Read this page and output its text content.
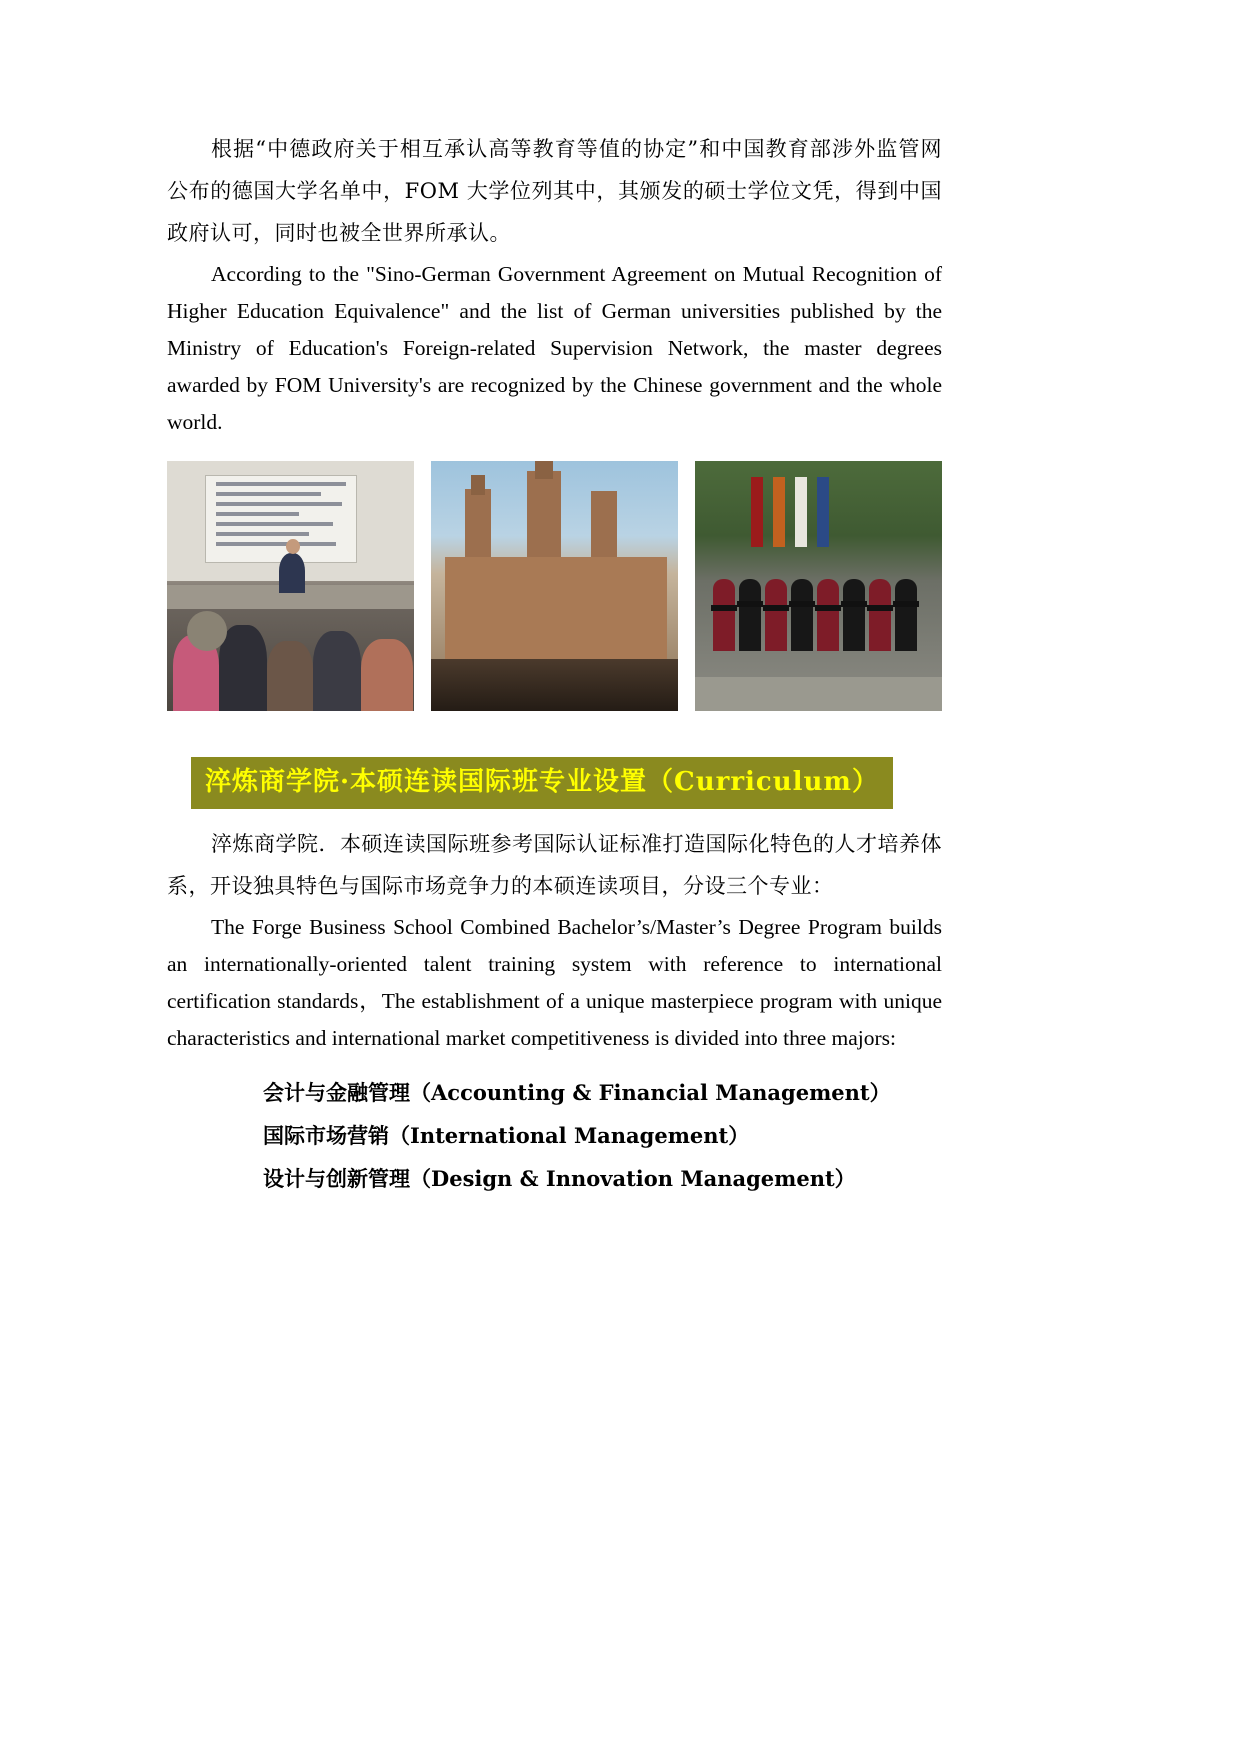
根据“中德政府关于相互承认高等教育等值的协定”和中国教育部涉外监管网公布的德国大学名单中，FOM 大学位列其中，其颁发的硕士学位文凭，得到中国政府认可，同时也被全世界所承认。

According to the "Sino-German Government Agreement on Mutual Recognition of Higher Education Equivalence" and the list of German universities published by the Ministry of Education's Foreign-related Supervision Network, the master degrees awarded by FOM University's are recognized by the Chinese government and the whole world.

淬炼商学院·本硕连读国际班专业设置（Curriculum）

淬炼商学院．本硕连读国际班参考国际认证标准打造国际化特色的人才培养体系，开设独具特色与国际市场竞争力的本硕连读项目，分设三个专业：

The Forge Business School Combined Bachelor’s/Master’s Degree Program builds an internationally-oriented talent training system with reference to international certification standards，The establishment of a unique masterpiece program with unique characteristics and international market competitiveness is divided into three majors:

会计与金融管理（Accounting & Financial Management）
国际市场营销（International Management）
设计与创新管理（Design & Innovation Management）
